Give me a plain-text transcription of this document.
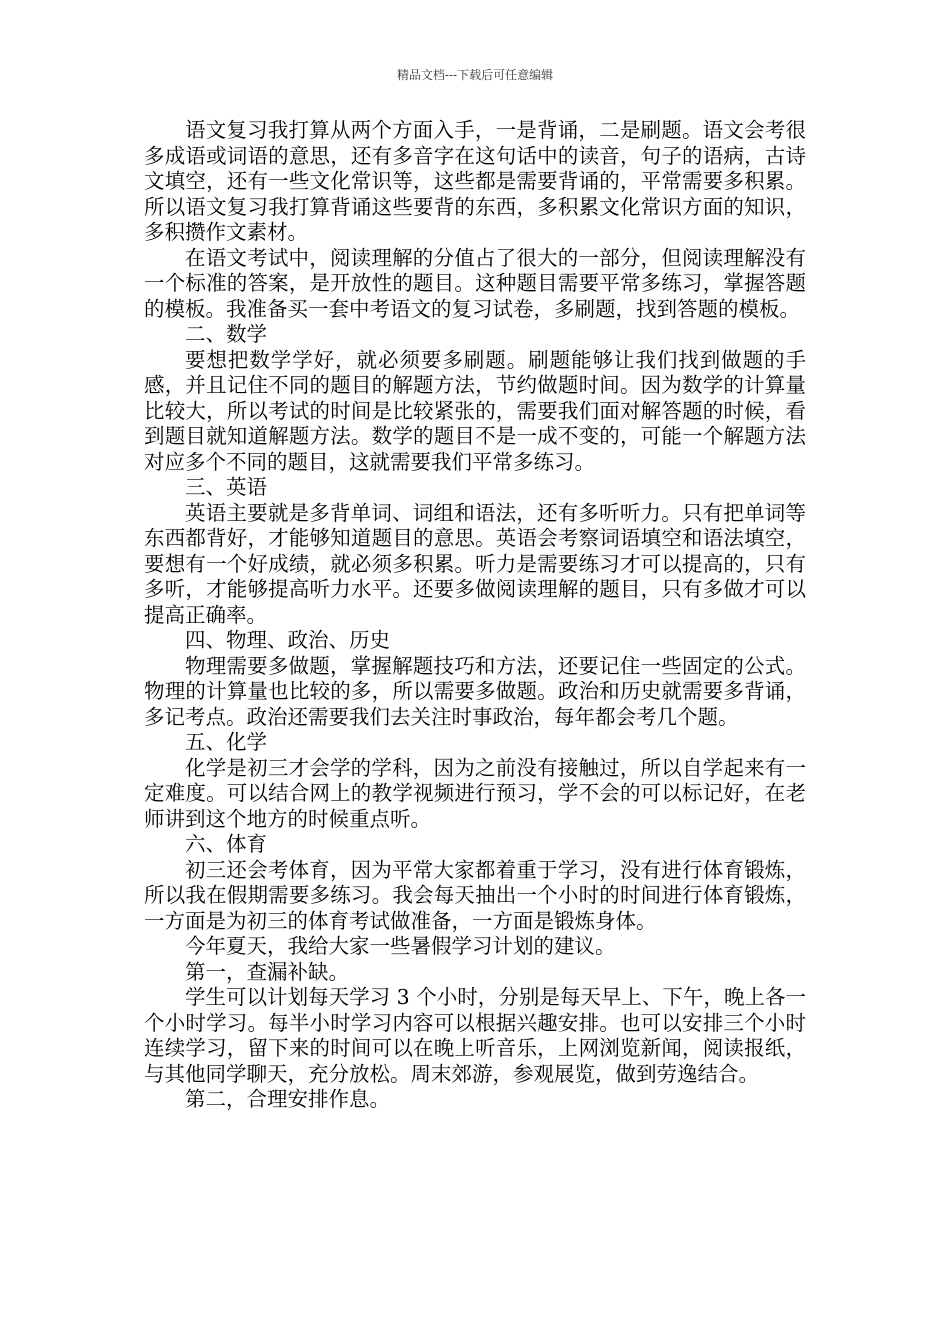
精品文档---下载后可任意编辑

语文复习我打算从两个方面入手，一是背诵，二是刷题。语文会考很多成语或词语的意思，还有多音字在这句话中的读音，句子的语病，古诗文填空，还有一些文化常识等，这些都是需要背诵的，平常需要多积累。所以语文复习我打算背诵这些要背的东西，多积累文化常识方面的知识，多积攒作文素材。

在语文考试中，阅读理解的分值占了很大的一部分，但阅读理解没有一个标准的答案，是开放性的题目。这种题目需要平常多练习，掌握答题的模板。我准备买一套中考语文的复习试卷，多刷题，找到答题的模板。

二、数学

要想把数学学好，就必须要多刷题。刷题能够让我们找到做题的手感，并且记住不同的题目的解题方法，节约做题时间。因为数学的计算量比较大，所以考试的时间是比较紧张的，需要我们面对解答题的时候，看到题目就知道解题方法。数学的题目不是一成不变的，可能一个解题方法对应多个不同的题目，这就需要我们平常多练习。

三、英语

英语主要就是多背单词、词组和语法，还有多听听力。只有把单词等东西都背好，才能够知道题目的意思。英语会考察词语填空和语法填空，要想有一个好成绩，就必须多积累。听力是需要练习才可以提高的，只有多听，才能够提高听力水平。还要多做阅读理解的题目，只有多做才可以提高正确率。

四、物理、政治、历史

物理需要多做题，掌握解题技巧和方法，还要记住一些固定的公式。物理的计算量也比较的多，所以需要多做题。政治和历史就需要多背诵，多记考点。政治还需要我们去关注时事政治，每年都会考几个题。

五、化学

化学是初三才会学的学科，因为之前没有接触过，所以自学起来有一定难度。可以结合网上的教学视频进行预习，学不会的可以标记好，在老师讲到这个地方的时候重点听。

六、体育

初三还会考体育，因为平常大家都着重于学习，没有进行体育锻炼，所以我在假期需要多练习。我会每天抽出一个小时的时间进行体育锻炼，一方面是为初三的体育考试做准备，一方面是锻炼身体。

今年夏天，我给大家一些暑假学习计划的建议。

第一，查漏补缺。

学生可以计划每天学习 3 个小时，分别是每天早上、下午，晚上各一个小时学习。每半小时学习内容可以根据兴趣安排。也可以安排三个小时连续学习，留下来的时间可以在晚上听音乐，上网浏览新闻，阅读报纸，与其他同学聊天，充分放松。周末郊游，参观展览，做到劳逸结合。

第二，合理安排作息。
